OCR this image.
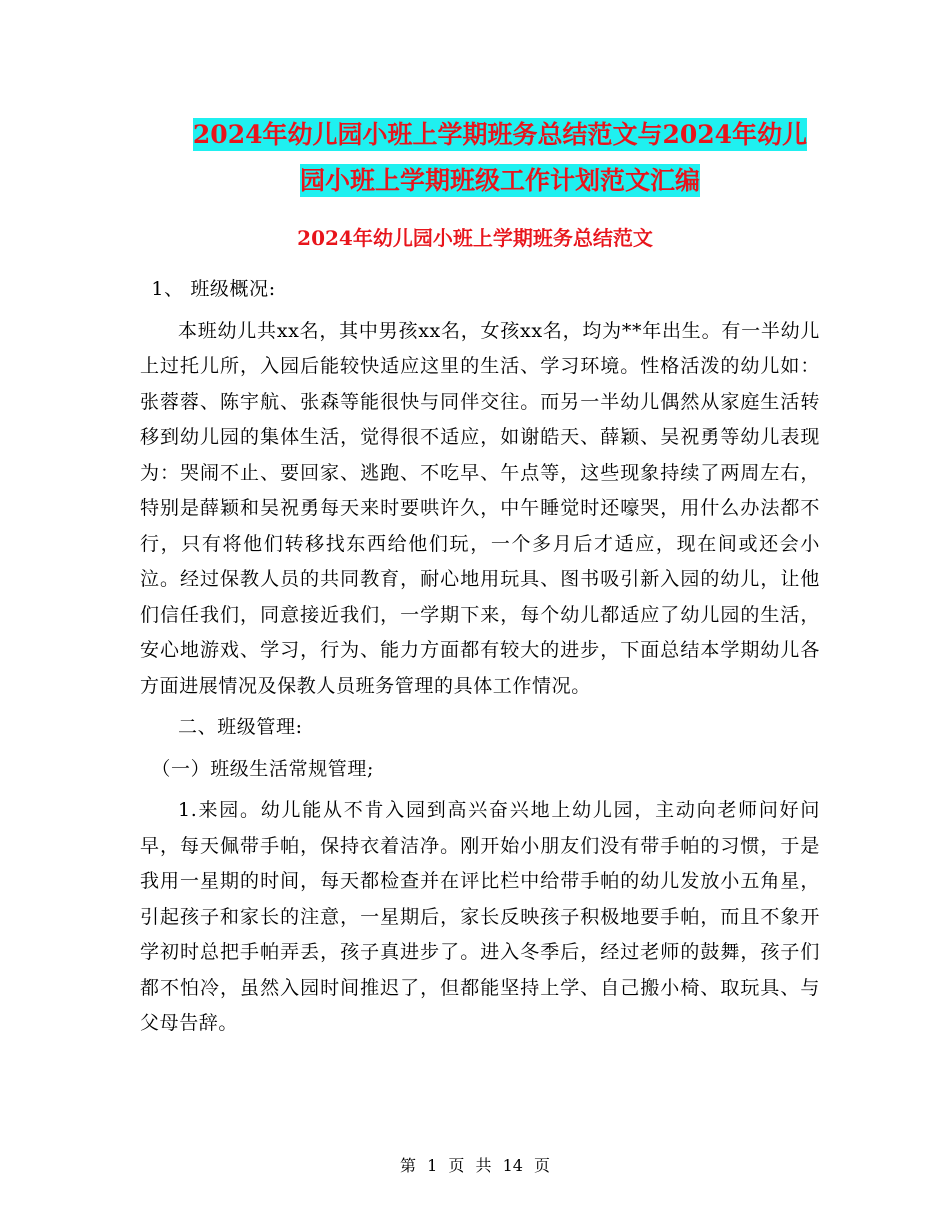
2024年幼儿园小班上学期班务总结范文与2024年幼儿
园小班上学期班级工作计划范文汇编
2024年幼儿园小班上学期班务总结范文

1、 班级概况:

本班幼儿共xx名，其中男孩xx名，女孩xx名，均为**年出生。有一半幼儿上过托儿所，入园后能较快适应这里的生活、学习环境。性格活泼的幼儿如：张蓉蓉、陈宇航、张森等能很快与同伴交往。而另一半幼儿偶然从家庭生活转移到幼儿园的集体生活，觉得很不适应，如谢皓天、薛颖、吴祝勇等幼儿表现为：哭闹不止、要回家、逃跑、不吃早、午点等，这些现象持续了两周左右，特别是薛颖和吴祝勇每天来时要哄许久，中午睡觉时还嚎哭，用什么办法都不行，只有将他们转移找东西给他们玩，一个多月后才适应，现在间或还会小泣。经过保教人员的共同教育，耐心地用玩具、图书吸引新入园的幼儿，让他们信任我们，同意接近我们，一学期下来，每个幼儿都适应了幼儿园的生活，安心地游戏、学习，行为、能力方面都有较大的进步，下面总结本学期幼儿各方面进展情况及保教人员班务管理的具体工作情况。

二、班级管理:

（一）班级生活常规管理;

1.来园。幼儿能从不肯入园到高兴奋兴地上幼儿园，主动向老师问好问早，每天佩带手帕，保持衣着洁净。刚开始小朋友们没有带手帕的习惯，于是我用一星期的时间，每天都检查并在评比栏中给带手帕的幼儿发放小五角星，引起孩子和家长的注意，一星期后，家长反映孩子积极地要手帕，而且不象开学初时总把手帕弄丢，孩子真进步了。进入冬季后，经过老师的鼓舞，孩子们都不怕冷，虽然入园时间推迟了，但都能坚持上学、自己搬小椅、取玩具、与父母告辞。

第 1 页 共 14 页
